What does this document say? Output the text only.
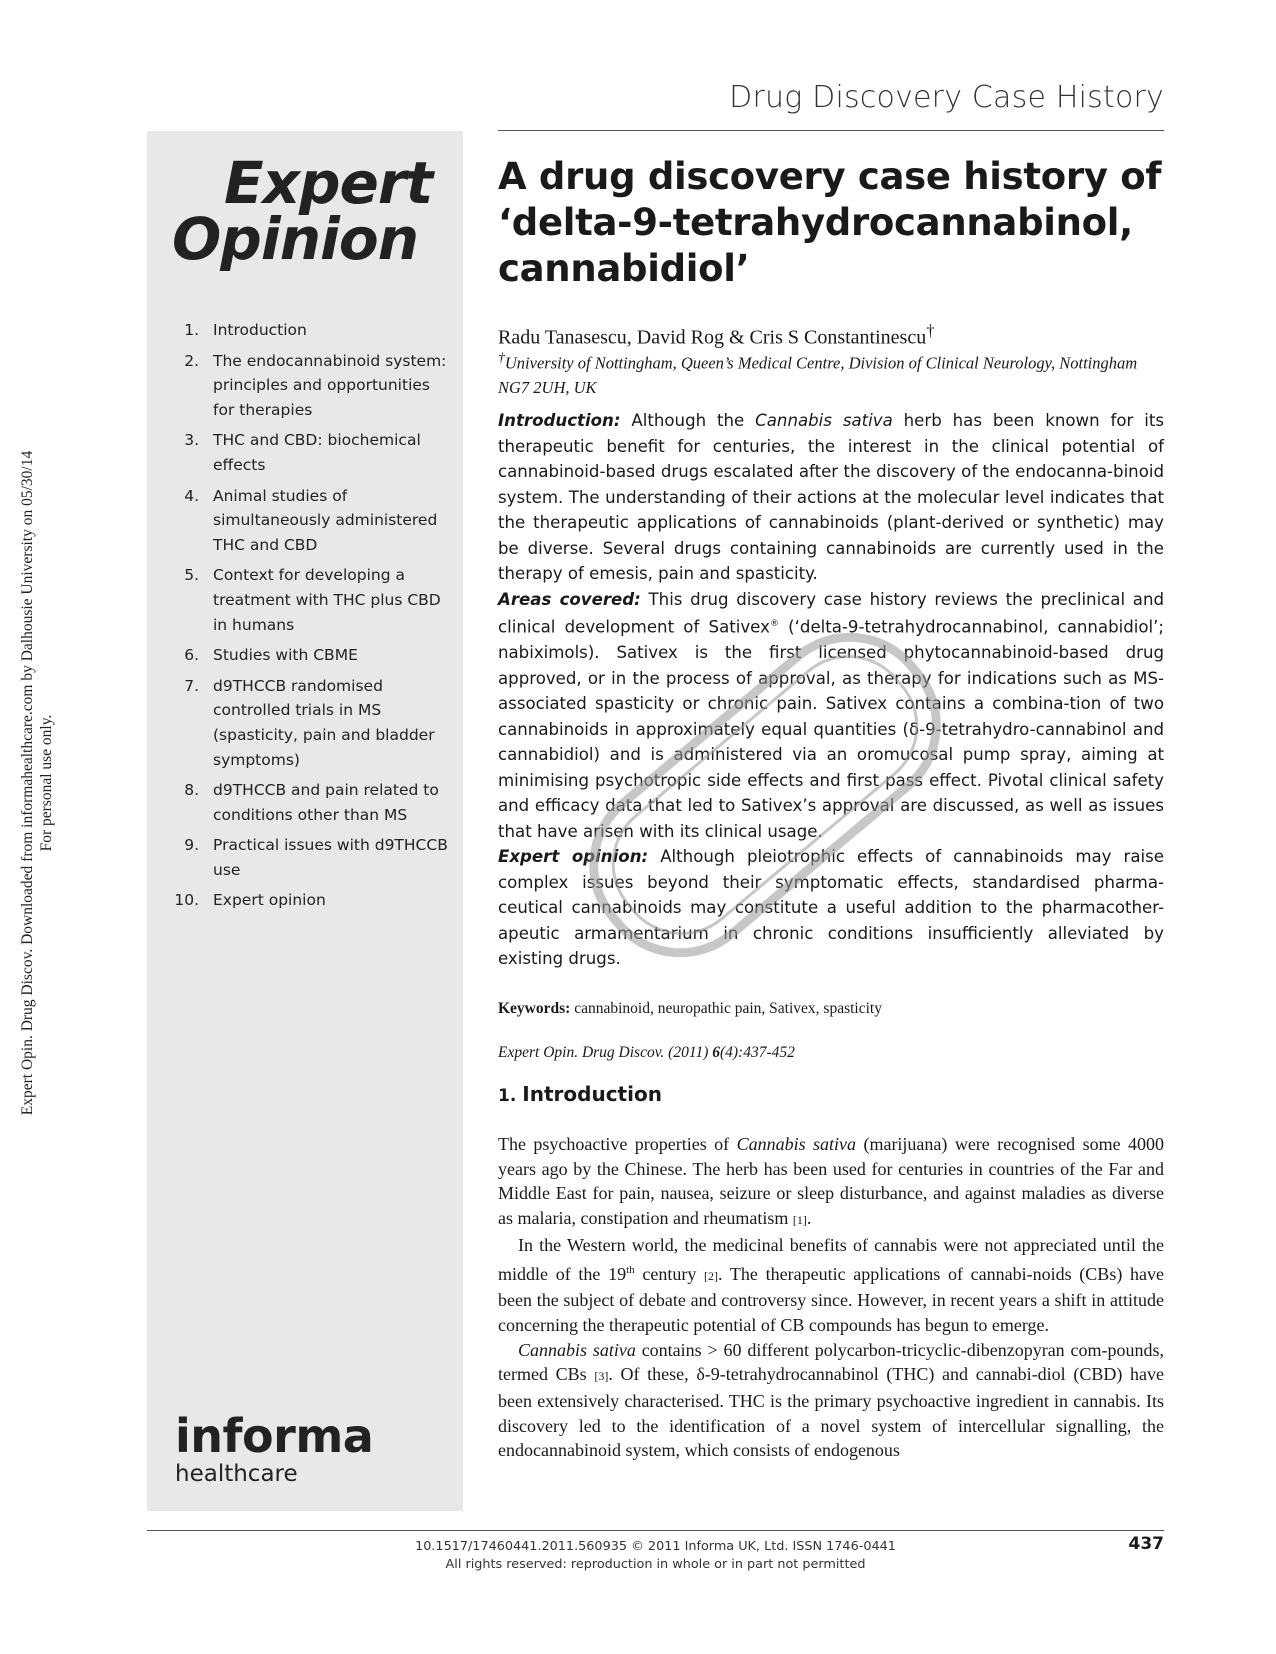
Expert Opin. Drug Discov. Downloaded from informahealthcare.com by Dalhousie University on 05/30/14 For personal use only.
Drug Discovery Case History
Expert
Opinion
1. Introduction
2. The endocannabinoid system: principles and opportunities for therapies
3. THC and CBD: biochemical effects
4. Animal studies of simultaneously administered THC and CBD
5. Context for developing a treatment with THC plus CBD in humans
6. Studies with CBME
7. d9THCCB randomised controlled trials in MS (spasticity, pain and bladder symptoms)
8. d9THCCB and pain related to conditions other than MS
9. Practical issues with d9THCCB use
10. Expert opinion
informa
healthcare
A drug discovery case history of ‘delta-9-tetrahydrocannabinol, cannabidiol’
Radu Tanasescu, David Rog & Cris S Constantinescu†
†University of Nottingham, Queen’s Medical Centre, Division of Clinical Neurology, Nottingham NG7 2UH, UK

Introduction: Although the Cannabis sativa herb has been known for its therapeutic benefit for centuries, the interest in the clinical potential of cannabinoid-based drugs escalated after the discovery of the endocanna-binoid system. The understanding of their actions at the molecular level indicates that the therapeutic applications of cannabinoids (plant-derived or synthetic) may be diverse. Several drugs containing cannabinoids are currently used in the therapy of emesis, pain and spasticity.

Areas covered: This drug discovery case history reviews the preclinical and clinical development of Sativex® (‘delta-9-tetrahydrocannabinol, cannabidiol’; nabiximols). Sativex is the first licensed phytocannabinoid-based drug approved, or in the process of approval, as therapy for indications such as MS-associated spasticity or chronic pain. Sativex contains a combina-tion of two cannabinoids in approximately equal quantities (δ-9-tetrahydro-cannabinol and cannabidiol) and is administered via an oromucosal pump spray, aiming at minimising psychotropic side effects and first pass effect. Pivotal clinical safety and efficacy data that led to Sativex’s approval are discussed, as well as issues that have arisen with its clinical usage.

Expert opinion: Although pleiotrophic effects of cannabinoids may raise complex issues beyond their symptomatic effects, standardised pharma-ceutical cannabinoids may constitute a useful addition to the pharmacother-apeutic armamentarium in chronic conditions insufficiently alleviated by existing drugs.

Keywords: cannabinoid, neuropathic pain, Sativex, spasticity
Expert Opin. Drug Discov. (2011) 6(4):437-452
1. Introduction

The psychoactive properties of Cannabis sativa (marijuana) were recognised some 4000 years ago by the Chinese. The herb has been used for centuries in countries of the Far and Middle East for pain, nausea, seizure or sleep disturbance, and against maladies as diverse as malaria, constipation and rheumatism [1].

In the Western world, the medicinal benefits of cannabis were not appreciated until the middle of the 19th century [2]. The therapeutic applications of cannabi-noids (CBs) have been the subject of debate and controversy since. However, in recent years a shift in attitude concerning the therapeutic potential of CB compounds has begun to emerge.

Cannabis sativa contains > 60 different polycarbon-tricyclic-dibenzopyran com-pounds, termed CBs [3]. Of these, δ-9-tetrahydrocannabinol (THC) and cannabi-diol (CBD) have been extensively characterised. THC is the primary psychoactive ingredient in cannabis. Its discovery led to the identification of a novel system of intercellular signalling, the endocannabinoid system, which consists of endogenous

10.1517/17460441.2011.560935 © 2011 Informa UK, Ltd. ISSN 1746-0441
All rights reserved: reproduction in whole or in part not permitted
437
